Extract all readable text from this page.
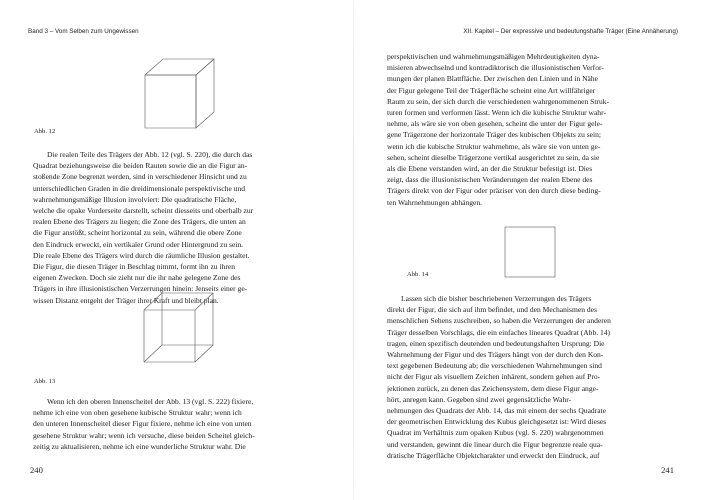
Band 3 – Vom Selben zum Ungewissen
Abb. 12
Die realen Teile des Trägers der Abb. 12 (vgl. S. 220), die durch das
Quadrat beziehungsweise die beiden Rauten sowie die an die Figur an-
stoßende Zone begrenzt werden, sind in verschiedener Hinsicht und zu
unterschiedlichen Graden in die dreidimensionale perspektivische und
wahrnehmungsmäßige Illusion involviert: Die quadratische Fläche,
welche die opake Vorderseite darstellt, scheint diesseits und oberhalb zur
realen Ebene des Trägers zu liegen; die Zone des Trägers, die unten an
die Figur anstößt, scheint horizontal zu sein, während die obere Zone
den Eindruck erweckt, ein vertikaler Grund oder Hintergrund zu sein.
Die reale Ebene des Trägers wird durch die räumliche Illusion gestaltet.
Die Figur, die diesen Träger in Beschlag nimmt, formt ihn zu ihren
eigenen Zwecken. Doch sie zieht nur die ihr nahe gelegene Zone des
Trägers in ihre illusionistischen Verzerrungen hinein: Jenseits einer ge-
wissen Distanz entgeht der Träger ihrer Kraft und bleibt plan.
Abb. 13
Wenn ich den oberen Innenscheitel der Abb. 13 (vgl. S. 222) fixiere,
nehme ich eine von oben gesehene kubische Struktur wahr; wenn ich
den unteren Innenscheitel dieser Figur fixiere, nehme ich eine von unten
gesehene Struktur wahr; wenn ich versuche, diese beiden Scheitel gleich-
zeitig zu aktualisieren, nehme ich eine wunderliche Struktur wahr. Die
240
XII. Kapitel – Der expressive und bedeutungshafte Träger (Eine Annäherung)
perspektivischen und wahrnehmungsmäßigen Mehrdeutigkeiten dyna-
misieren abwechselnd und kontradiktorisch die illusionistischen Verfor-
mungen der planen Blattfläche. Der zwischen den Linien und in Nähe
der Figur gelegene Teil der Trägerfläche scheint eine Art willfähriger
Raum zu sein, der sich durch die verschiedenen wahrgenommenen Struk-
turen formen und verformen lässt. Wenn ich die kubische Struktur wahr-
nehme, als wäre sie von oben gesehen, scheint die unter der Figur gele-
gene Trägerzone der horizontale Träger des kubischen Objekts zu sein;
wenn ich die kubische Struktur wahrnehme, als wäre sie von unten ge-
sehen, scheint dieselbe Trägerzone vertikal ausgerichtet zu sein, da sie
als die Ebene verstanden wird, an der die Struktur befestigt ist. Dies
zeigt, dass die illusionistischen Veränderungen der realen Ebene des
Trägers direkt von der Figur oder präziser von den durch diese beding-
ten Wahrnehmungen abhängen.
Abb. 14
Lassen sich die bisher beschriebenen Verzerrungen des Trägers
direkt der Figur, die sich auf ihm befindet, und den Mechanismen des
menschlichen Sehens zuschreiben, so haben die Verzerrungen der anderen
Träger desselben Vorschlags, die ein einfaches lineares Quadrat (Abb. 14)
tragen, einen spezifisch deutenden und bedeutungshaften Ursprung: Die
Wahrnehmung der Figur und des Trägers hängt von der durch den Kon-
text gegebenen Bedeutung ab; die verschiedenen Wahrnehmungen sind
nicht der Figur als visuellem Zeichen inhärent, sondern gehen auf Pro-
jektionen zurück, zu denen das Zeichensystem, dem diese Figur ange-
hört, anregen kann. Gegeben sind zwei gegensätzliche Wahr-
nehmungen des Quadrats der Abb. 14, das mit einem der sechs Quadrate
der geometrischen Entwicklung des Kubus gleichgesetzt ist: Wird dieses
Quadrat im Verhältnis zum opaken Kubus (vgl. S. 220) wahrgenommen
und verstanden, gewinnt die linear durch die Figur begrenzte reale qua-
dratische Trägerfläche Objektcharakter und erweckt den Eindruck, auf
241
